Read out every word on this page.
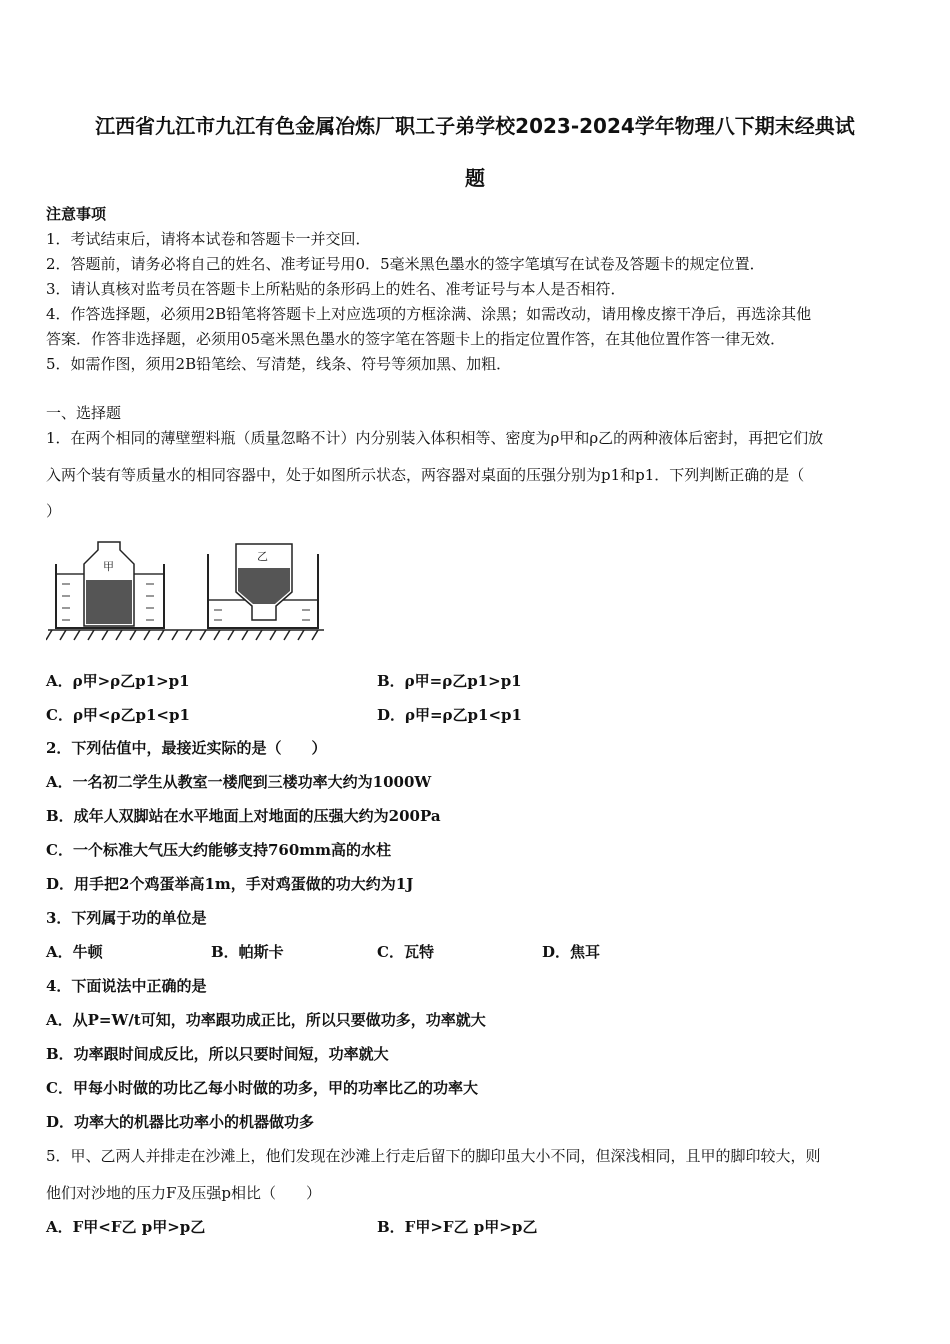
江西省九江市九江有色金属冶炼厂职工子弟学校2023-2024学年物理八下期末经典试
题
注意事项
1．考试结束后，请将本试卷和答题卡一并交回．
2．答题前，请务必将自己的姓名、准考证号用0．5毫米黑色墨水的签字笔填写在试卷及答题卡的规定位置．
3．请认真核对监考员在答题卡上所粘贴的条形码上的姓名、准考证号与本人是否相符．
4．作答选择题，必须用2B铅笔将答题卡上对应选项的方框涂满、涂黑；如需改动，请用橡皮擦干净后，再选涂其他
答案．作答非选择题，必须用05毫米黑色墨水的签字笔在答题卡上的指定位置作答，在其他位置作答一律无效．
5．如需作图，须用2B铅笔绘、写清楚，线条、符号等须加黑、加粗．
一、选择题
1．在两个相同的薄壁塑料瓶（质量忽略不计）内分别装入体积相等、密度为ρ甲和ρ乙的两种液体后密封，再把它们放
入两个装有等质量水的相同容器中，处于如图所示状态，两容器对桌面的压强分别为p1和p1．下列判断正确的是（
）
甲
乙
A．ρ甲>ρ乙p1>p1	B．ρ甲=ρ乙p1>p1
C．ρ甲<ρ乙p1<p1	D．ρ甲=ρ乙p1<p1
2．下列估值中，最接近实际的是（　　）
A．一名初二学生从教室一楼爬到三楼功率大约为1000W
B．成年人双脚站在水平地面上对地面的压强大约为200Pa
C．一个标准大气压大约能够支持760mm高的水柱
D．用手把2个鸡蛋举高1m，手对鸡蛋做的功大约为1J
3．下列属于功的单位是
A．牛顿	B．帕斯卡	C．瓦特	D．焦耳
4．下面说法中正确的是
A．从P=W/t可知，功率跟功成正比，所以只要做功多，功率就大
B．功率跟时间成反比，所以只要时间短，功率就大
C．甲每小时做的功比乙每小时做的功多，甲的功率比乙的功率大
D．功率大的机器比功率小的机器做功多
5．甲、乙两人并排走在沙滩上，他们发现在沙滩上行走后留下的脚印虽大小不同，但深浅相同，且甲的脚印较大，则
他们对沙地的压力F及压强p相比（　　）
A．F甲<F乙 p甲>p乙	B．F甲>F乙 p甲>p乙
